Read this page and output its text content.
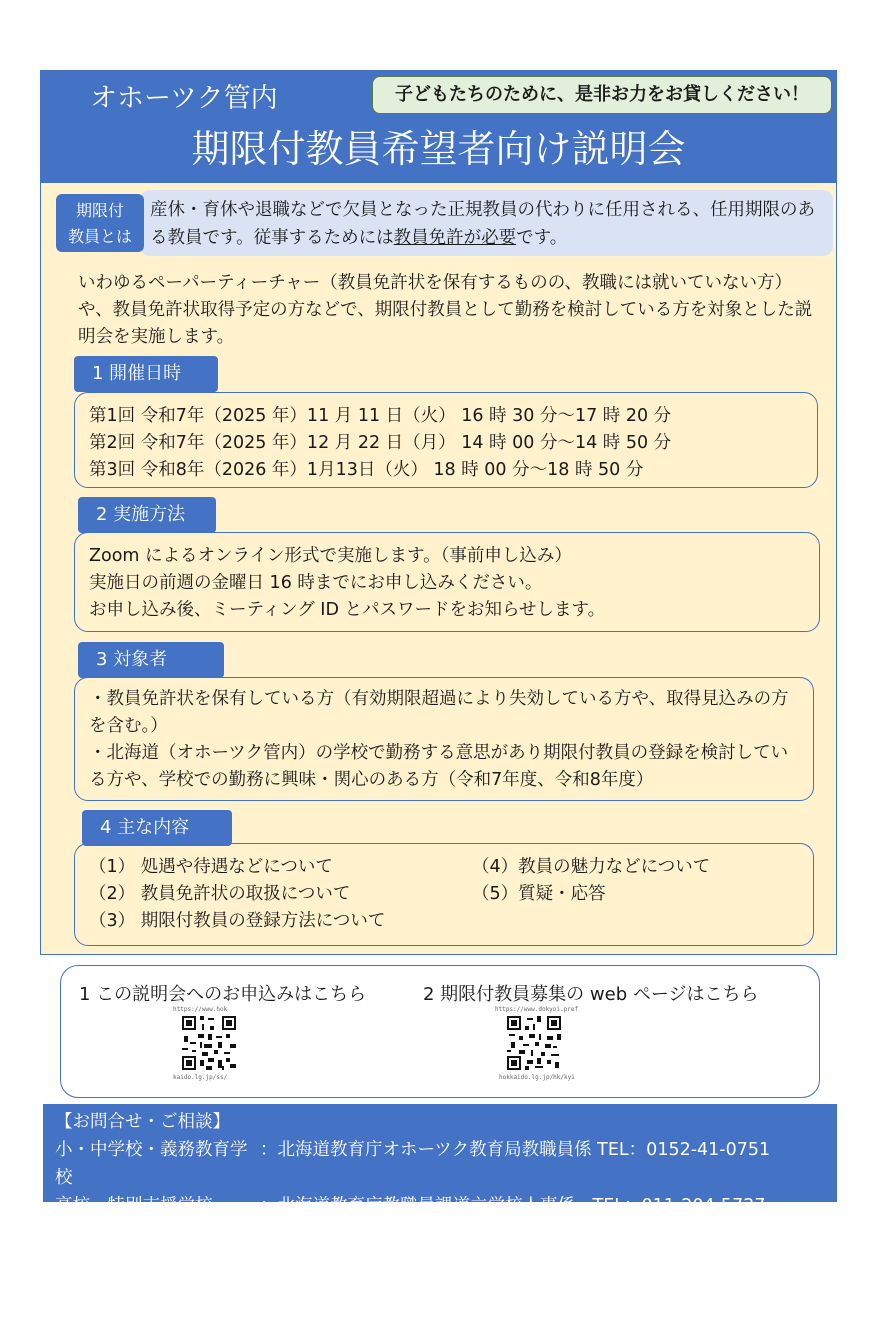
オホーツク管内	子どもたちのために、是非お力をお貸しください！
期限付教員希望者向け説明会
産休・育休や退職などで欠員となった正規教員の代わりに任用される、任用期限のある教員です。従事するためには教員免許が必要です。
期限付
教員とは
いわゆるペーパーティーチャー（教員免許状を保有するものの、教職には就いていない方）や、教員免許状取得予定の方などで、期限付教員として勤務を検討している方を対象とした説明会を実施します。
第1回 令和7年（2025 年）11 月 11 日（火） 16 時 30 分～17 時 20 分
第2回 令和7年（2025 年）12 月 22 日（月） 14 時 00 分～14 時 50 分
第3回 令和8年（2026 年）1月13日（火） 18 時 00 分～18 時 50 分
1 開催日時
Zoom によるオンライン形式で実施します。（事前申し込み）
実施日の前週の金曜日 16 時までにお申し込みください。
お申し込み後、ミーティング ID とパスワードをお知らせします。
2 実施方法
・教員免許状を保有している方（有効期限超過により失効している方や、取得見込みの方を含む。）
・北海道（オホーツク管内）の学校で勤務する意思があり期限付教員の登録を検討している方や、学校での勤務に興味・関心のある方（令和7年度、令和8年度）
3 対象者
（1） 処遇や待遇などについて	（4）教員の魅力などについて
（2） 教員免許状の取扱について	（5）質疑・応答
（3） 期限付教員の登録方法について
4 主な内容
1 この説明会へのお申込みはこちら	2 期限付教員募集の web ページはこちら
https://www.hok
kaido.lg.jp/ss/
https://www.dokyoi.pref
hokkaido.lg.jp/hk/kyi
【お問合せ・ご相談】
小・中学校・義務教育学校
：北海道教育庁オホーツク教育局教職員係 TEL：0152-41-0751
高校・特別支援学校	：北海道教育庁教職員課道立学校人事係　TEL：011-204-5727
